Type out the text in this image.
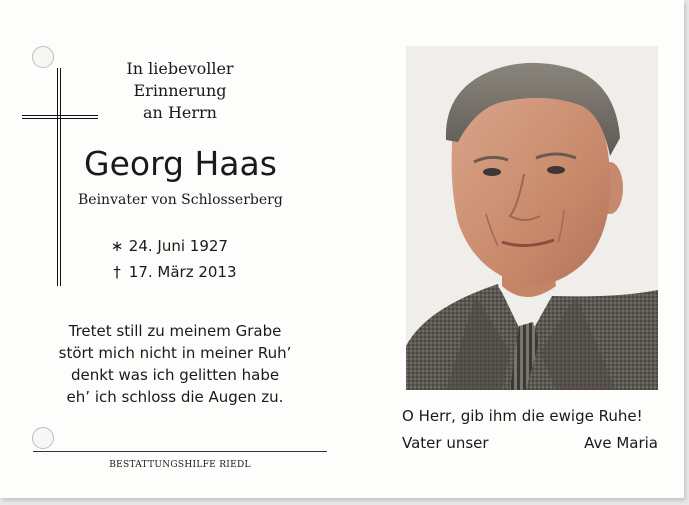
In liebevoller
Erinnerung
an Herrn
Georg Haas
Beinvater von Schlosserberg
∗ 24. Juni 1927
† 17. März 2013
Tretet still zu meinem Grabe
stört mich nicht in meiner Ruh’
denkt was ich gelitten habe
eh’ ich schloss die Augen zu.
BESTATTUNGSHILFE RIEDL
O Herr, gib ihm die ewige Ruhe!
Vater unser	Ave Maria
